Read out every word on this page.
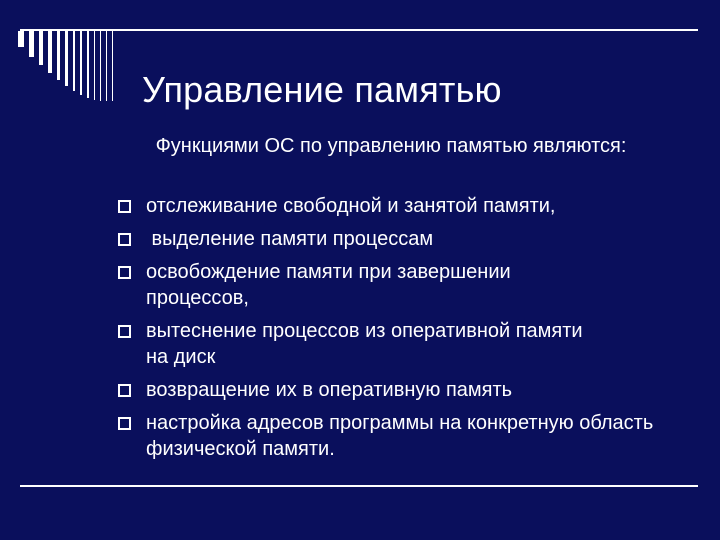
Управление памятью
Функциями ОС по управлению памятью являются:
отслеживание свободной и занятой памяти,
выделение памяти процессам
освобождение памяти при завершении процессов,
вытеснение процессов из оперативной памяти на диск
возвращение их в оперативную память
настройка адресов программы на конкретную область физической памяти.
